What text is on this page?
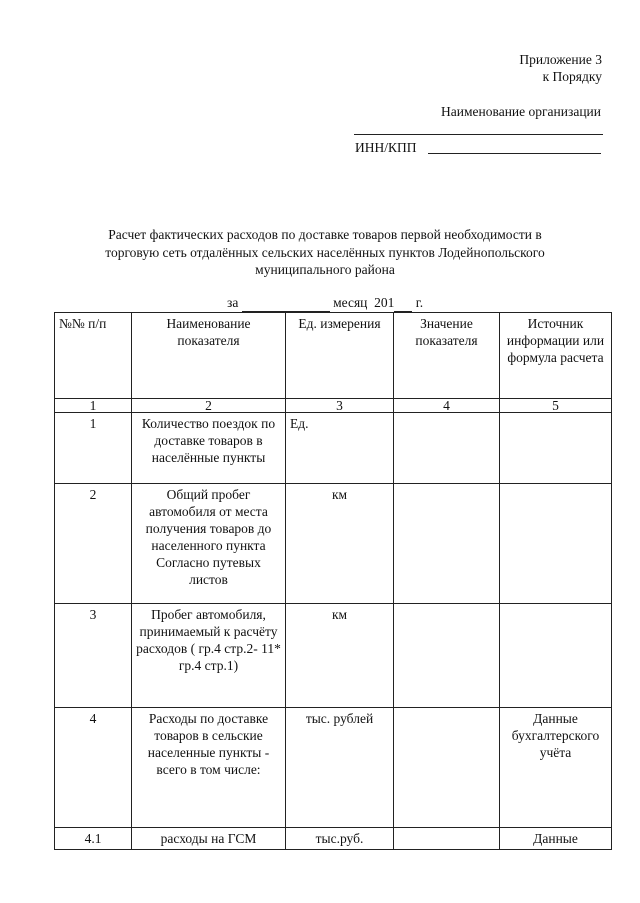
Приложение 3
к Порядку
Наименование организации
ИНН/КПП
Расчет фактических расходов по доставке товаров первой необходимости в
торговую сеть отдалённых сельских населённых пунктов Лодейнопольского
муниципального района
за	месяц 201 г.
№№ п/п	Наименование показателя	Ед. измерения	Значение показателя	Источник информации или формула расчета
1	2	3	4	5
1	Количество поездок по доставке товаров в населённые пункты	Ед.		
2	Общий пробег автомобиля от места получения товаров до населенного пункта Согласно путевых листов	км		
3	Пробег автомобиля, принимаемый к расчёту расходов ( гр.4 стр.2- 11* гр.4 стр.1)	км		
4	Расходы по доставке товаров в сельские населенные пункты - всего в том числе:	тыс. рублей		Данные бухгалтерского учёта
4.1	расходы на ГСМ	тыс.руб.		Данные
